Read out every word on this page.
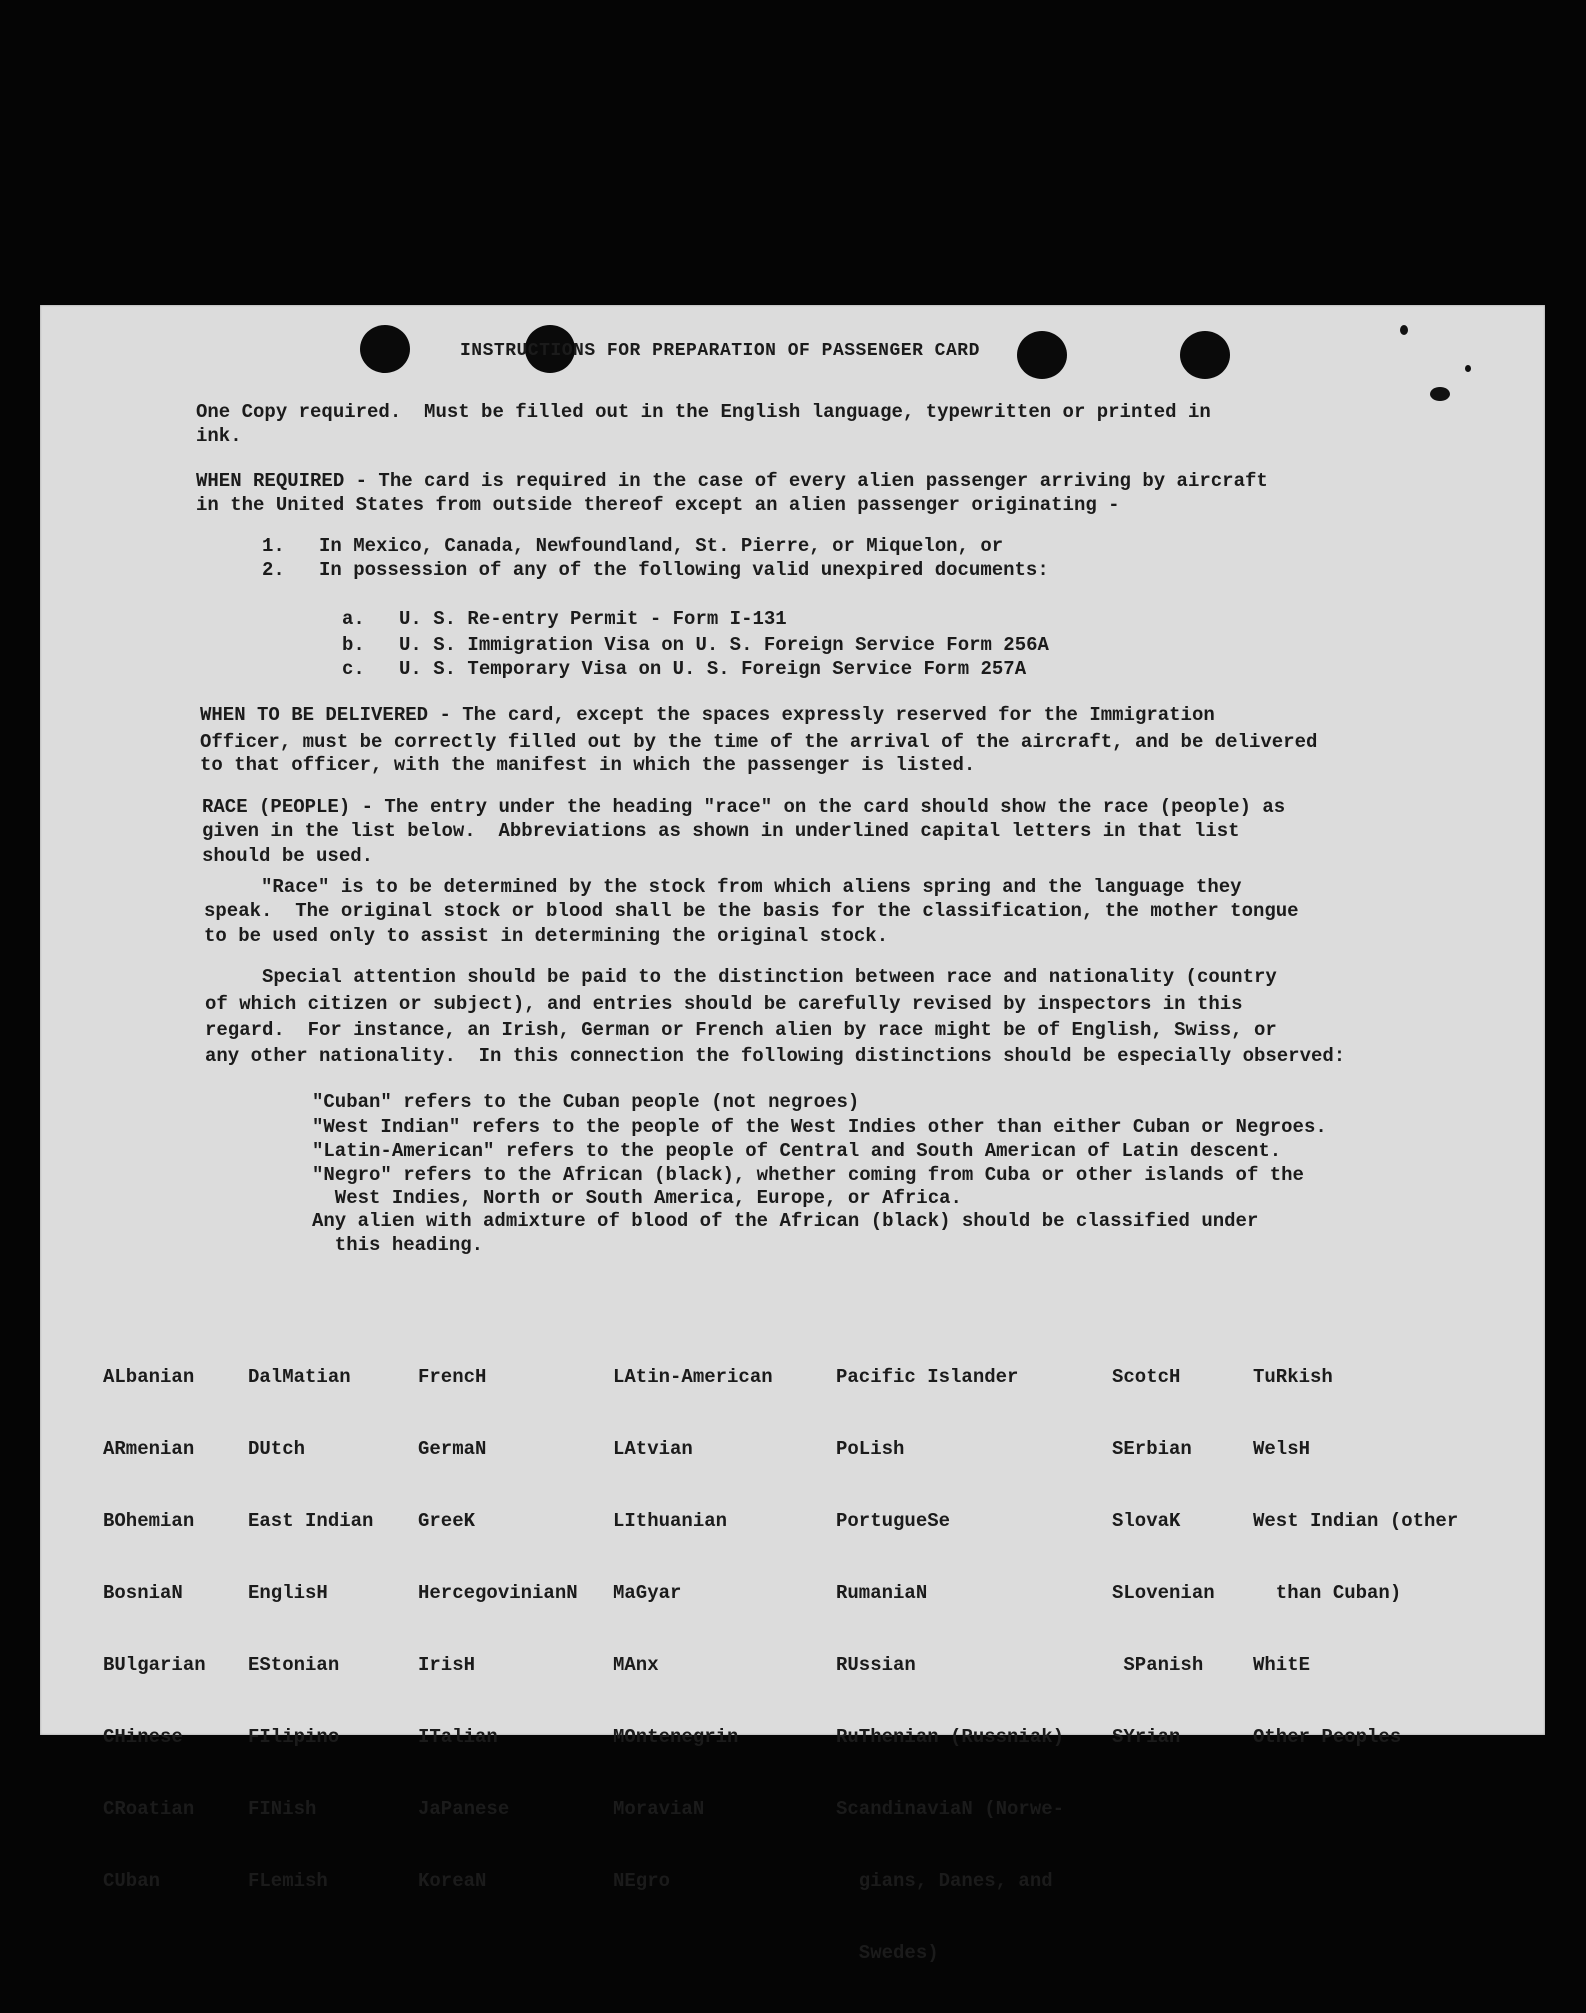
INSTRUCTIONS FOR PREPARATION OF PASSENGER CARD
One Copy required.  Must be filled out in the English language, typewritten or printed in
ink.
WHEN REQUIRED - The card is required in the case of every alien passenger arriving by aircraft
in the United States from outside thereof except an alien passenger originating -
1.   In Mexico, Canada, Newfoundland, St. Pierre, or Miquelon, or
2.   In possession of any of the following valid unexpired documents:
a.   U. S. Re-entry Permit - Form I-131
b.   U. S. Immigration Visa on U. S. Foreign Service Form 256A
c.   U. S. Temporary Visa on U. S. Foreign Service Form 257A
WHEN TO BE DELIVERED - The card, except the spaces expressly reserved for the Immigration
Officer, must be correctly filled out by the time of the arrival of the aircraft, and be delivered
to that officer, with the manifest in which the passenger is listed.
RACE (PEOPLE) - The entry under the heading "race" on the card should show the race (people) as
given in the list below.  Abbreviations as shown in underlined capital letters in that list
should be used.
"Race" is to be determined by the stock from which aliens spring and the language they
speak.  The original stock or blood shall be the basis for the classification, the mother tongue
to be used only to assist in determining the original stock.
Special attention should be paid to the distinction between race and nationality (country
of which citizen or subject), and entries should be carefully revised by inspectors in this
regard.  For instance, an Irish, German or French alien by race might be of English, Swiss, or
any other nationality.  In this connection the following distinctions should be especially observed:
"Cuban" refers to the Cuban people (not negroes)
"West Indian" refers to the people of the West Indies other than either Cuban or Negroes.
"Latin-American" refers to the people of Central and South American of Latin descent.
"Negro" refers to the African (black), whether coming from Cuba or other islands of the
West Indies, North or South America, Europe, or Africa.
Any alien with admixture of blood of the African (black) should be classified under
this heading.

ALbanian

ARmenian

BOhemian

BosniaN

BUlgarian

CHinese

CRoatian

CUban

DalMatian

DUtch

East Indian

EnglisH

EStonian

FIlipino

FINish

FLemish

FrencH

GermaN

GreeK

HercegovinianN

IrisH

ITalian

JaPanese

KoreaN

LAtin-American

LAtvian

LIthuanian

MaGyar

MAnx

MOntenegrin

MoraviaN

NEgro

Pacific Islander

PoLish

PortugueSe

RumaniaN

RUssian

RuThenian (Russniak)

ScandinaviaN (Norwe-

gians, Danes, and

Swedes)

ScotcH

SErbian

SlovaK

SLovenian

SPanish

SYrian

TuRkish

WelsH

West Indian (other

than Cuban)

WhitE

Other Peoples
